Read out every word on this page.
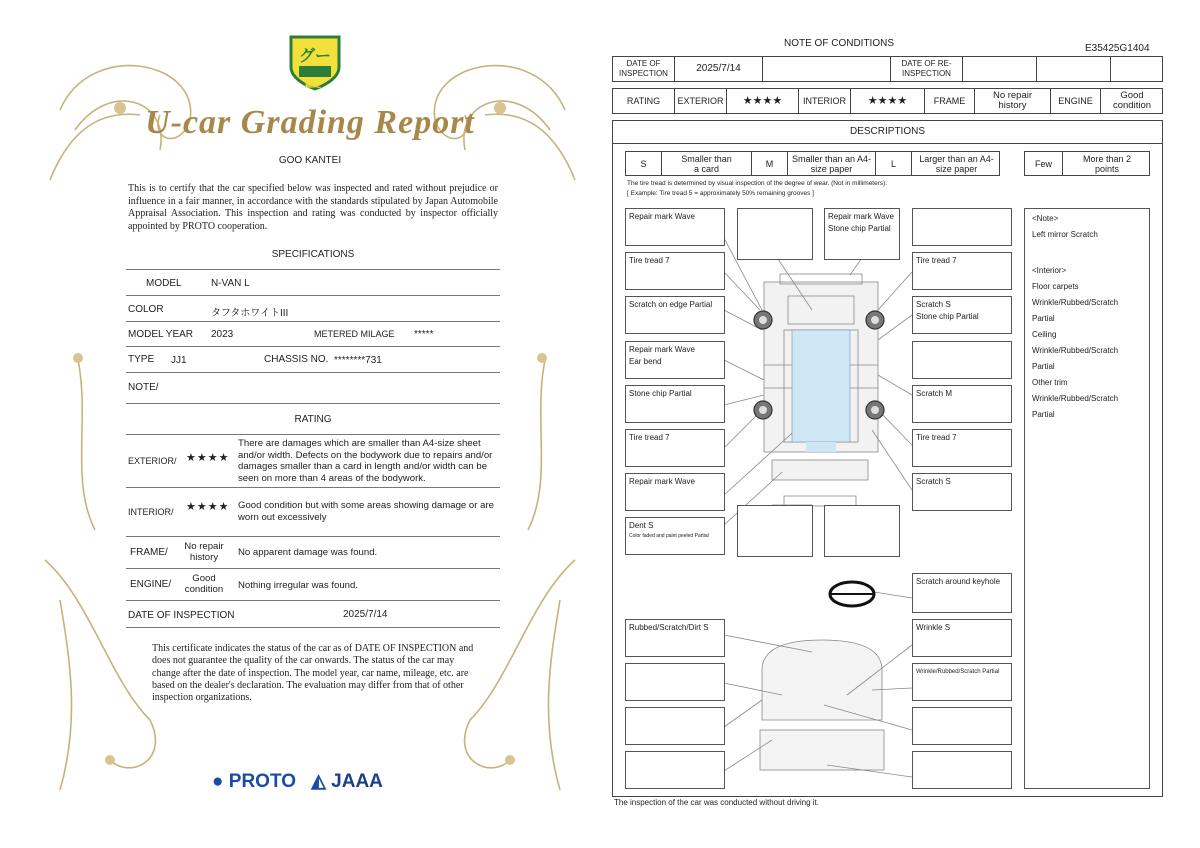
グー
鑑定
U-car Grading Report
GOO KANTEI
This is to certify that the car specified below was inspected and rated without prejudice or influence in a fair manner, in accordance with the standards stipulated by Japan Automobile Appraisal Association. This inspection and rating was conducted by inspector officially appointed by PROTO cooperation.
SPECIFICATIONS
MODEL	N-VAN L
COLOR	タフタホワイトIII
MODEL YEAR 2023	METERED MILAGE *****
TYPE JJ1	CHASSIS NO. ********731
NOTE/
RATING
EXTERIOR/ ★★★★
There are damages which are smaller than A4-size sheet and/or width. Defects on the bodywork due to repairs and/or damages smaller than a card in length and/or width can be seen on more than 4 areas of the bodywork.
INTERIOR/ ★★★★ Good condition but with some areas showing damage or are worn out excessively
FRAME/
No repair history	No apparent damage was found.
ENGINE/
Good condition	Nothing irregular was found.
DATE OF INSPECTION	2025/7/14
This certificate indicates the status of the car as of DATE OF INSPECTION and does not guarantee the quality of the car onwards. The status of the car may change after the date of inspection. The model year, car name, mileage, etc. are based on the dealer's declaration. The evaluation may differ from that of other inspection organizations.
● PROTO ◭ JAAA
NOTE OF CONDITIONS	E35425G1404
DATE OF INSPECTION	2025/7/14	DATE OF RE-INSPECTION
RATING	EXTERIOR	★★★★	INTERIOR	★★★★	FRAME	No repair history	ENGINE	Good condition
DESCRIPTIONS
S	Smaller than a card	M	Smaller than an A4-size paper	L	Larger than an A4-size paper	Few	More than 2 points
The tire tread is determined by visual inspection of the degree of wear. (Not in millimeters).
[ Example: Tire tread 5 = approximately 50% remaining grooves ]
Repair mark Wave
Tire tread 7
Scratch on edge Partial
Repair mark Wave
Ear bend
Stone chip Partial
Tire tread 7
Repair mark Wave
Dent S
Color faded and paint peeled Partial
Repair mark Wave
Stone chip Partial
Tire tread 7
Scratch S
Stone chip Partial
Scratch M
Tire tread 7
Scratch S
Scratch around keyhole
Rubbed/Scratch/Dirt S	Wrinkle S
Wrinkle/Rubbed/Scratch Partial
<Note>
Left mirror Scratch
<Interior>
Floor carpets
Wrinkle/Rubbed/Scratch
Partial
Ceiling
Wrinkle/Rubbed/Scratch
Partial
Other trim
Wrinkle/Rubbed/Scratch
Partial
The inspection of the car was conducted without driving it.
